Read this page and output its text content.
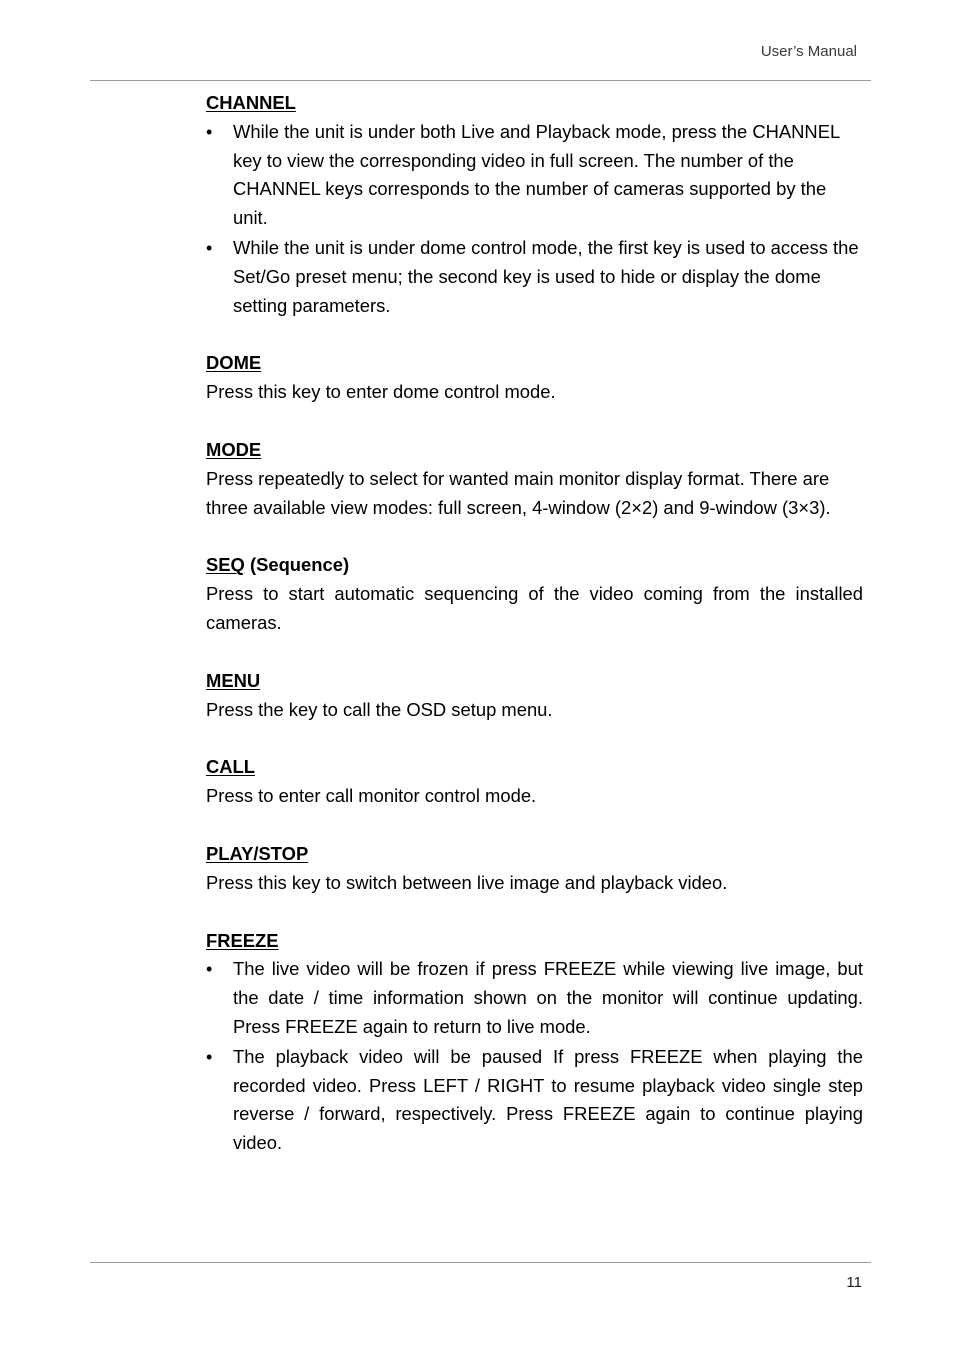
User’s Manual

CHANNEL

• While the unit is under both Live and Playback mode, press the CHANNEL key to view the corresponding video in full screen. The number of the CHANNEL keys corresponds to the number of cameras supported by the unit.
• While the unit is under dome control mode, the first key is used to access the Set/Go preset menu; the second key is used to hide or display the dome setting parameters.

DOME

Press this key to enter dome control mode.

MODE

Press repeatedly to select for wanted main monitor display format. There are three available view modes: full screen, 4-window (2×2) and 9-window (3×3).

SEQ (Sequence)

Press to start automatic sequencing of the video coming from the installed cameras.

MENU

Press the key to call the OSD setup menu.

CALL

Press to enter call monitor control mode.

PLAY/STOP

Press this key to switch between live image and playback video.

FREEZE

• The live video will be frozen if press FREEZE while viewing live image, but the date / time information shown on the monitor will continue updating. Press FREEZE again to return to live mode.
• The playback video will be paused If press FREEZE when playing the recorded video. Press LEFT / RIGHT to resume playback video single step reverse / forward, respectively. Press FREEZE again to continue playing video.
11
